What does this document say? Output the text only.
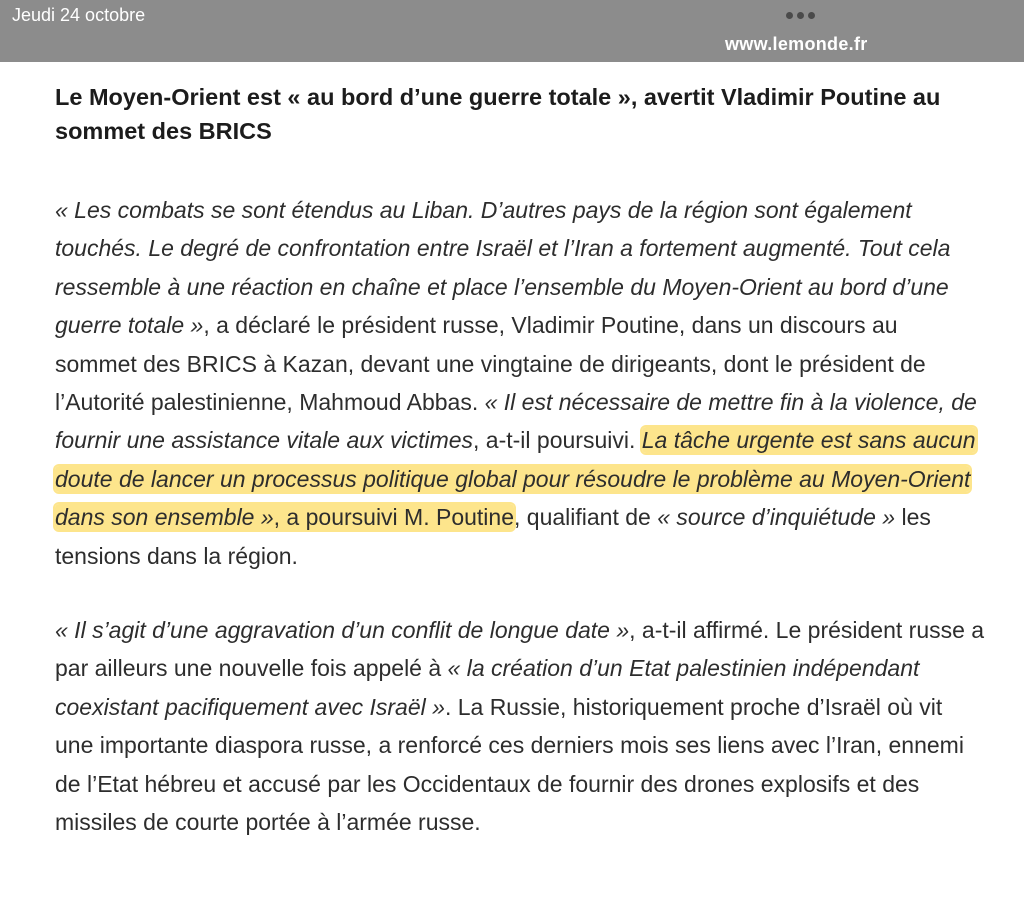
Jeudi 24 octobre
www.lemonde.fr
Le Moyen-Orient est « au bord d’une guerre totale », avertit Vladimir Poutine au sommet des BRICS

« Les combats se sont étendus au Liban. D’autres pays de la région sont également touchés. Le degré de confrontation entre Israël et l’Iran a fortement augmenté. Tout cela ressemble à une réaction en chaîne et place l’ensemble du Moyen-Orient au bord d’une guerre totale », a déclaré le président russe, Vladimir Poutine, dans un discours au sommet des BRICS à Kazan, devant une vingtaine de dirigeants, dont le président de l’Autorité palestinienne, Mahmoud Abbas. « Il est nécessaire de mettre fin à la violence, de fournir une assistance vitale aux victimes, a-t-il poursuivi. La tâche urgente est sans aucun doute de lancer un processus politique global pour résoudre le problème au Moyen-Orient dans son ensemble », a poursuivi M. Poutine, qualifiant de « source d’inquiétude » les tensions dans la région.

« Il s’agit d’une aggravation d’un conflit de longue date », a-t-il affirmé. Le président russe a par ailleurs une nouvelle fois appelé à « la création d’un Etat palestinien indépendant coexistant pacifiquement avec Israël ». La Russie, historiquement proche d’Israël où vit une importante diaspora russe, a renforcé ces derniers mois ses liens avec l’Iran, ennemi de l’Etat hébreu et accusé par les Occidentaux de fournir des drones explosifs et des missiles de courte portée à l’armée russe.
